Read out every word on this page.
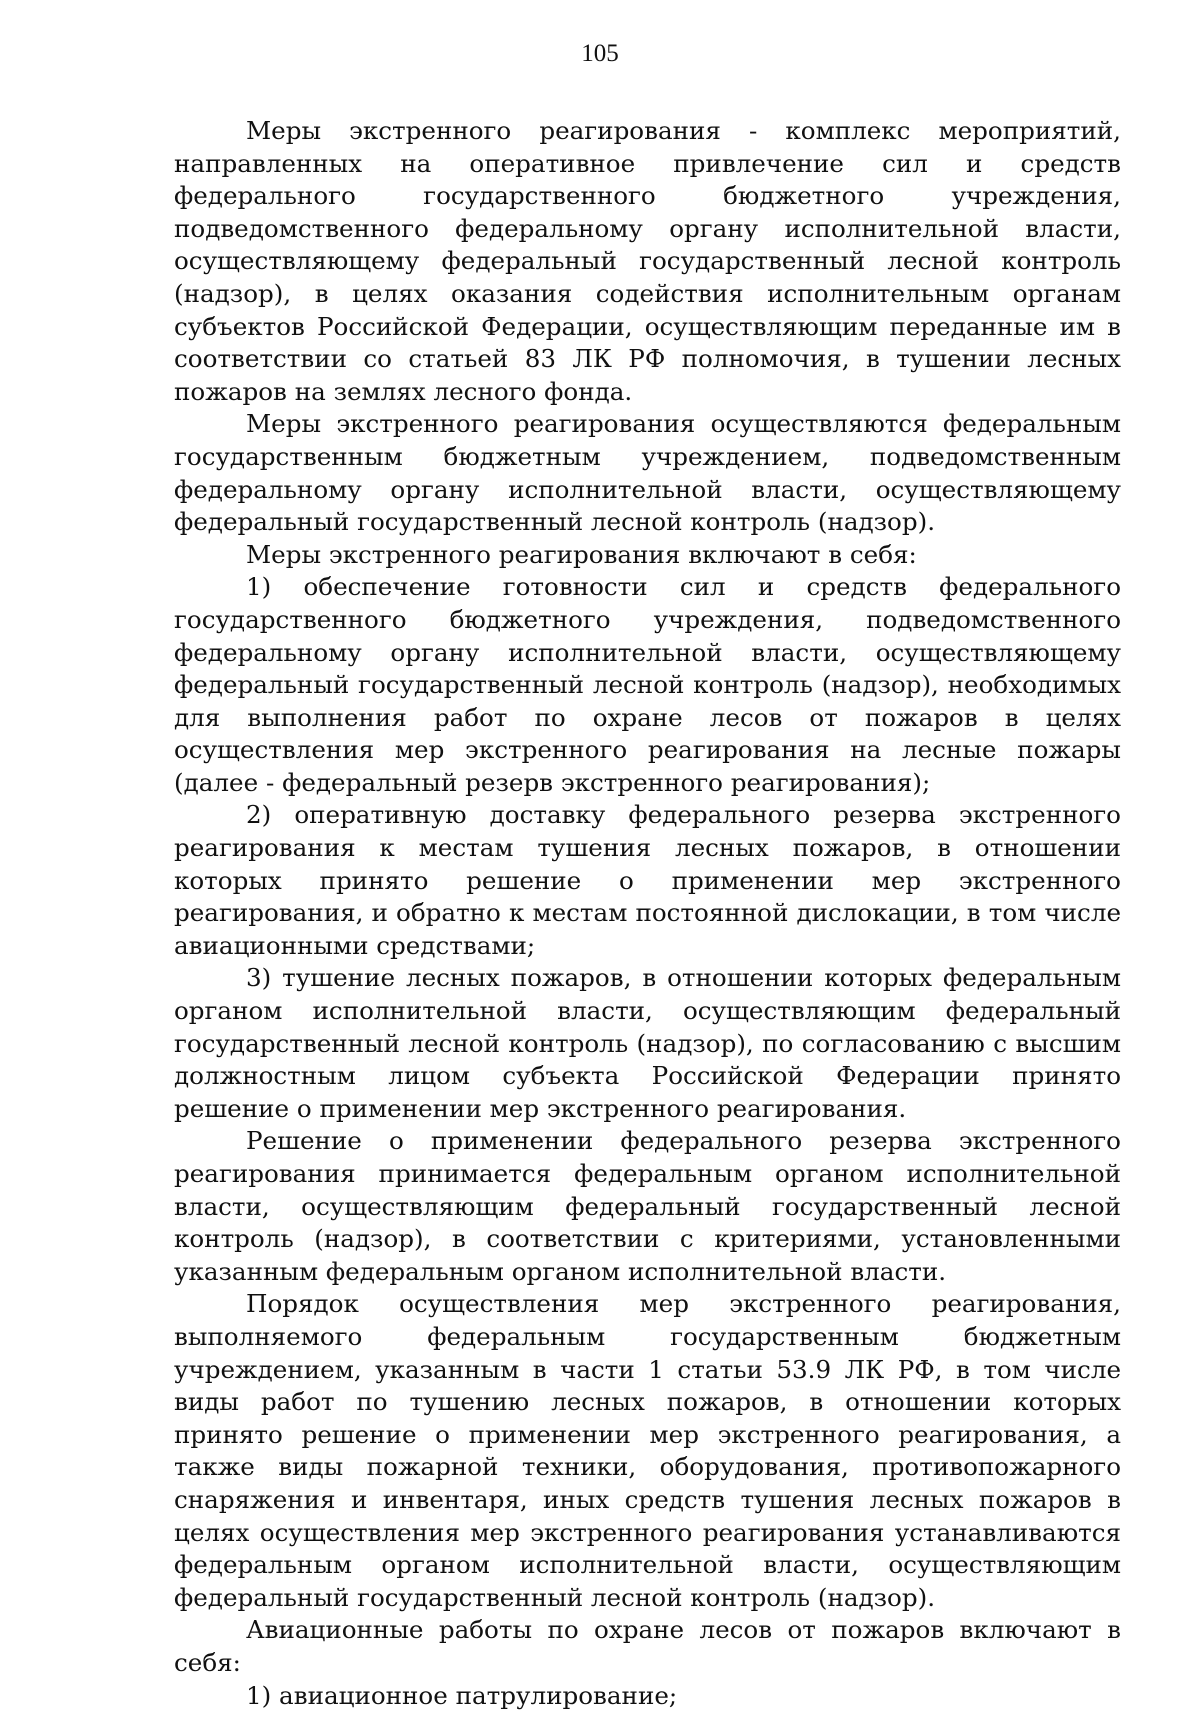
105

Меры экстренного реагирования - комплекс мероприятий, направленных на оперативное привлечение сил и средств федерального государственного бюджетного учреждения, подведомственного федеральному органу исполнительной власти, осуществляющему федеральный государственный лесной контроль (надзор), в целях оказания содействия исполнительным органам субъектов Российской Федерации, осуществляющим переданные им в соответствии со статьей 83 ЛК РФ полномочия, в тушении лесных пожаров на землях лесного фонда.

Меры экстренного реагирования осуществляются федеральным государственным бюджетным учреждением, подведомственным федеральному органу исполнительной власти, осуществляющему федеральный государственный лесной контроль (надзор).

Меры экстренного реагирования включают в себя:

1) обеспечение готовности сил и средств федерального государственного бюджетного учреждения, подведомственного федеральному органу исполнительной власти, осуществляющему федеральный государственный лесной контроль (надзор), необходимых для выполнения работ по охране лесов от пожаров в целях осуществления мер экстренного реагирования на лесные пожары (далее - федеральный резерв экстренного реагирования);

2) оперативную доставку федерального резерва экстренного реагирования к местам тушения лесных пожаров, в отношении которых принято решение о применении мер экстренного реагирования, и обратно к местам постоянной дислокации, в том числе авиационными средствами;

3) тушение лесных пожаров, в отношении которых федеральным органом исполнительной власти, осуществляющим федеральный государственный лесной контроль (надзор), по согласованию с высшим должностным лицом субъекта Российской Федерации принято решение о применении мер экстренного реагирования.

Решение о применении федерального резерва экстренного реагирования принимается федеральным органом исполнительной власти, осуществляющим федеральный государственный лесной контроль (надзор), в соответствии с критериями, установленными указанным федеральным органом исполнительной власти.

Порядок осуществления мер экстренного реагирования, выполняемого федеральным государственным бюджетным учреждением, указанным в части 1 статьи 53.9 ЛК РФ, в том числе виды работ по тушению лесных пожаров, в отношении которых принято решение о применении мер экстренного реагирования, а также виды пожарной техники, оборудования, противопожарного снаряжения и инвентаря, иных средств тушения лесных пожаров в целях осуществления мер экстренного реагирования устанавливаются федеральным органом исполнительной власти, осуществляющим федеральный государственный лесной контроль (надзор).

Авиационные работы по охране лесов от пожаров включают в себя:

1) авиационное патрулирование;
